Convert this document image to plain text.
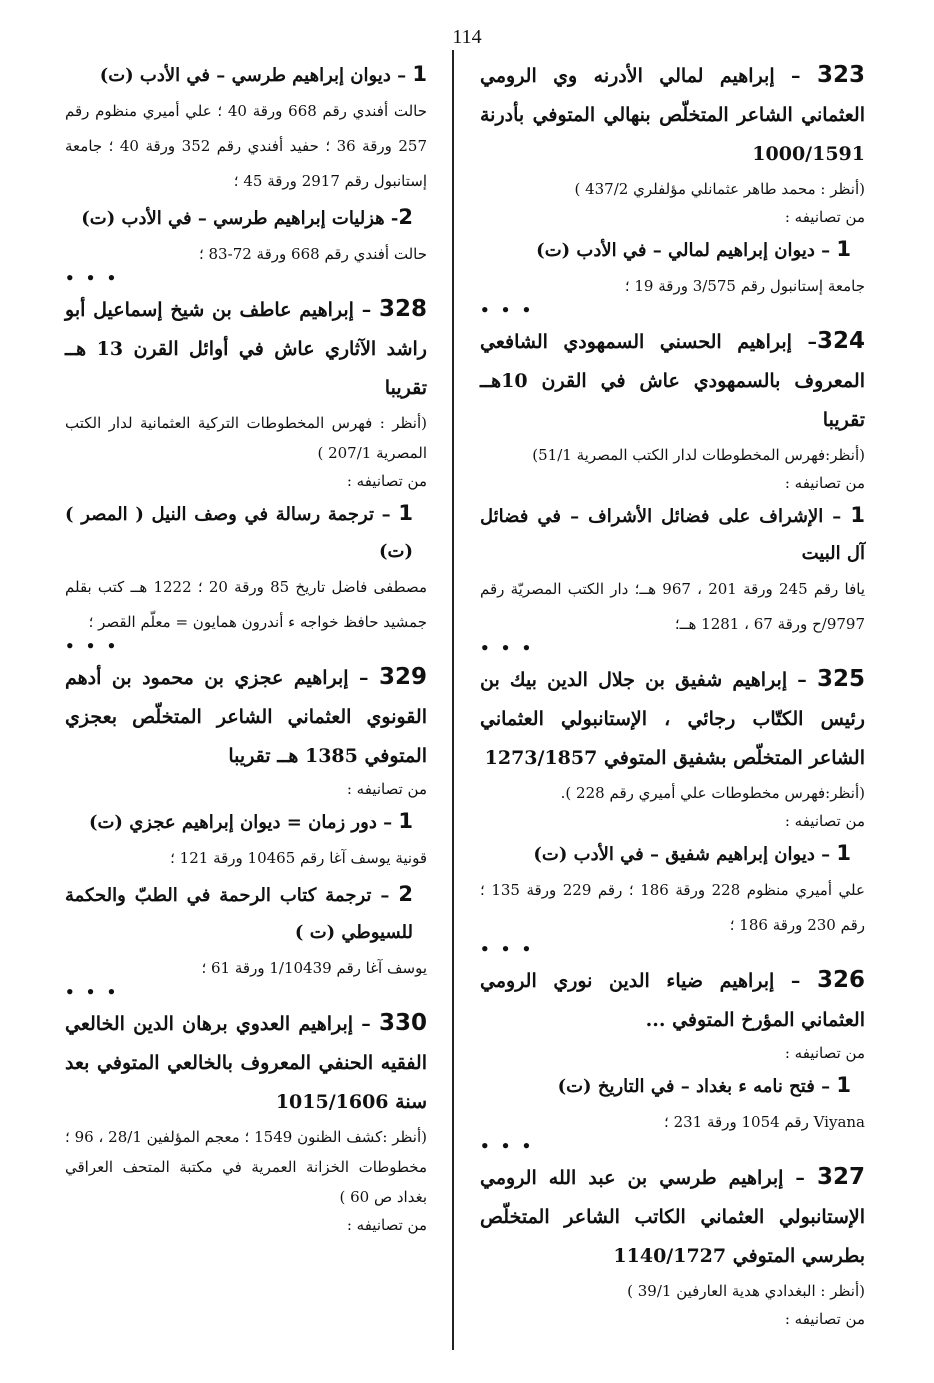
114

323 – إبراهيم لمالي الأدرنه وي الرومي العثماني الشاعر المتخلّص بنهالي المتوفي بأدرنة 1000/1591

(أنظر : محمد طاهر عثمانلي مؤلفلري 437/2 )

من تصانيفه :

1 – ديوان إبراهيم لمالي – في الأدب (ت)

جامعة إستانبول رقم 3/575 ورقة 19 ؛

• • •

324– إبراهيم الحسني السمهودي الشافعي المعروف بالسمهودي عاش في القرن 10هــ تقريبا

(أنظر:فهرس المخطوطات لدار الكتب المصرية 51/1)

من تصانيفه :

1 – الإشراف على فضائل الأشراف – في فضائل آل البيت

يافا رقم 245 ورقة 201 ، 967 هــ؛ دار الكتب المصريّة رقم 9797/ح ورقة 67 ، 1281 هــ؛

• • •

325 – إبراهيم شفيق بن جلال الدين بيك بن رئيس الكتّاب رجائي ، الإستانبولي العثماني الشاعر المتخلّص بشفيق المتوفي 1273/1857

(أنظر:فهرس مخطوطات علي أميري رقم 228 ).

من تصانيفه :

1 – ديوان إبراهيم شفيق – في الأدب (ت)

علي أميري منظوم 228 ورقة 186 ؛ رقم 229 ورقة 135 ؛ رقم 230 ورقة 186 ؛

• • •

326 – إبراهيم ضياء الدين نوري الرومي العثماني المؤرخ المتوفي ...

من تصانيفه :

1 – فتح نامه ء بغداد – في التاريخ (ت)

Viyana رقم 1054 ورقة 231 ؛

• • •

327 – إبراهيم طرسي بن عبد الله الرومي الإستانبولي العثماني الكاتب الشاعر المتخلّص بطرسي المتوفي 1140/1727

(أنظر : البغدادي هدية العارفين 39/1 )

من تصانيفه :

1 – ديوان إبراهيم طرسي – في الأدب (ت)

حالت أفندي رقم 668 ورقة 40 ؛ علي أميري منظوم رقم 257 ورقة 36 ؛ حفيد أفندي رقم 352 ورقة 40 ؛ جامعة إستانبول رقم 2917 ورقة 45 ؛

2- هزليات إبراهيم طرسي – في الأدب (ت)

حالت أفندي رقم 668 ورقة 72-83 ؛

• • •

328 – إبراهيم عاطف بن شيخ إسماعيل أبو راشد الآثاري عاش في أوائل القرن 13 هــ تقريبا

(أنظر : فهرس المخطوطات التركية العثمانية لدار الكتب المصرية 207/1 )

من تصانيفه :

1 – ترجمة رسالة في وصف النيل ( المصر ) (ت)

مصطفى فاضل تاريخ 85 ورقة 20 ؛ 1222 هــ كتب بقلم جمشيد حافظ خواجه ء أندرون همايون = معلّم القصر ؛

• • •

329 – إبراهيم عجزي بن محمود بن أدهم القونوي العثماني الشاعر المتخلّص بعجزي المتوفي 1385 هــ تقريبا

من تصانيفه :

1 – دور زمان = ديوان إبراهيم عجزي (ت)

قونية يوسف آغا رقم 10465 ورقة 121 ؛

2 – ترجمة كتاب الرحمة في الطبّ والحكمة للسيوطي (ت )

يوسف آغا رقم 1/10439 ورقة 61 ؛

• • •

330 – إبراهيم العدوي برهان الدين الخالعي الفقيه الحنفي المعروف بالخالعي المتوفي بعد سنة 1015/1606

(أنظر :كشف الظنون 1549 ؛ معجم المؤلفين 28/1 ، 96 ؛ مخطوطات الخزانة العمرية في مكتبة المتحف العراقي بغداد ص 60 )

من تصانيفه :
